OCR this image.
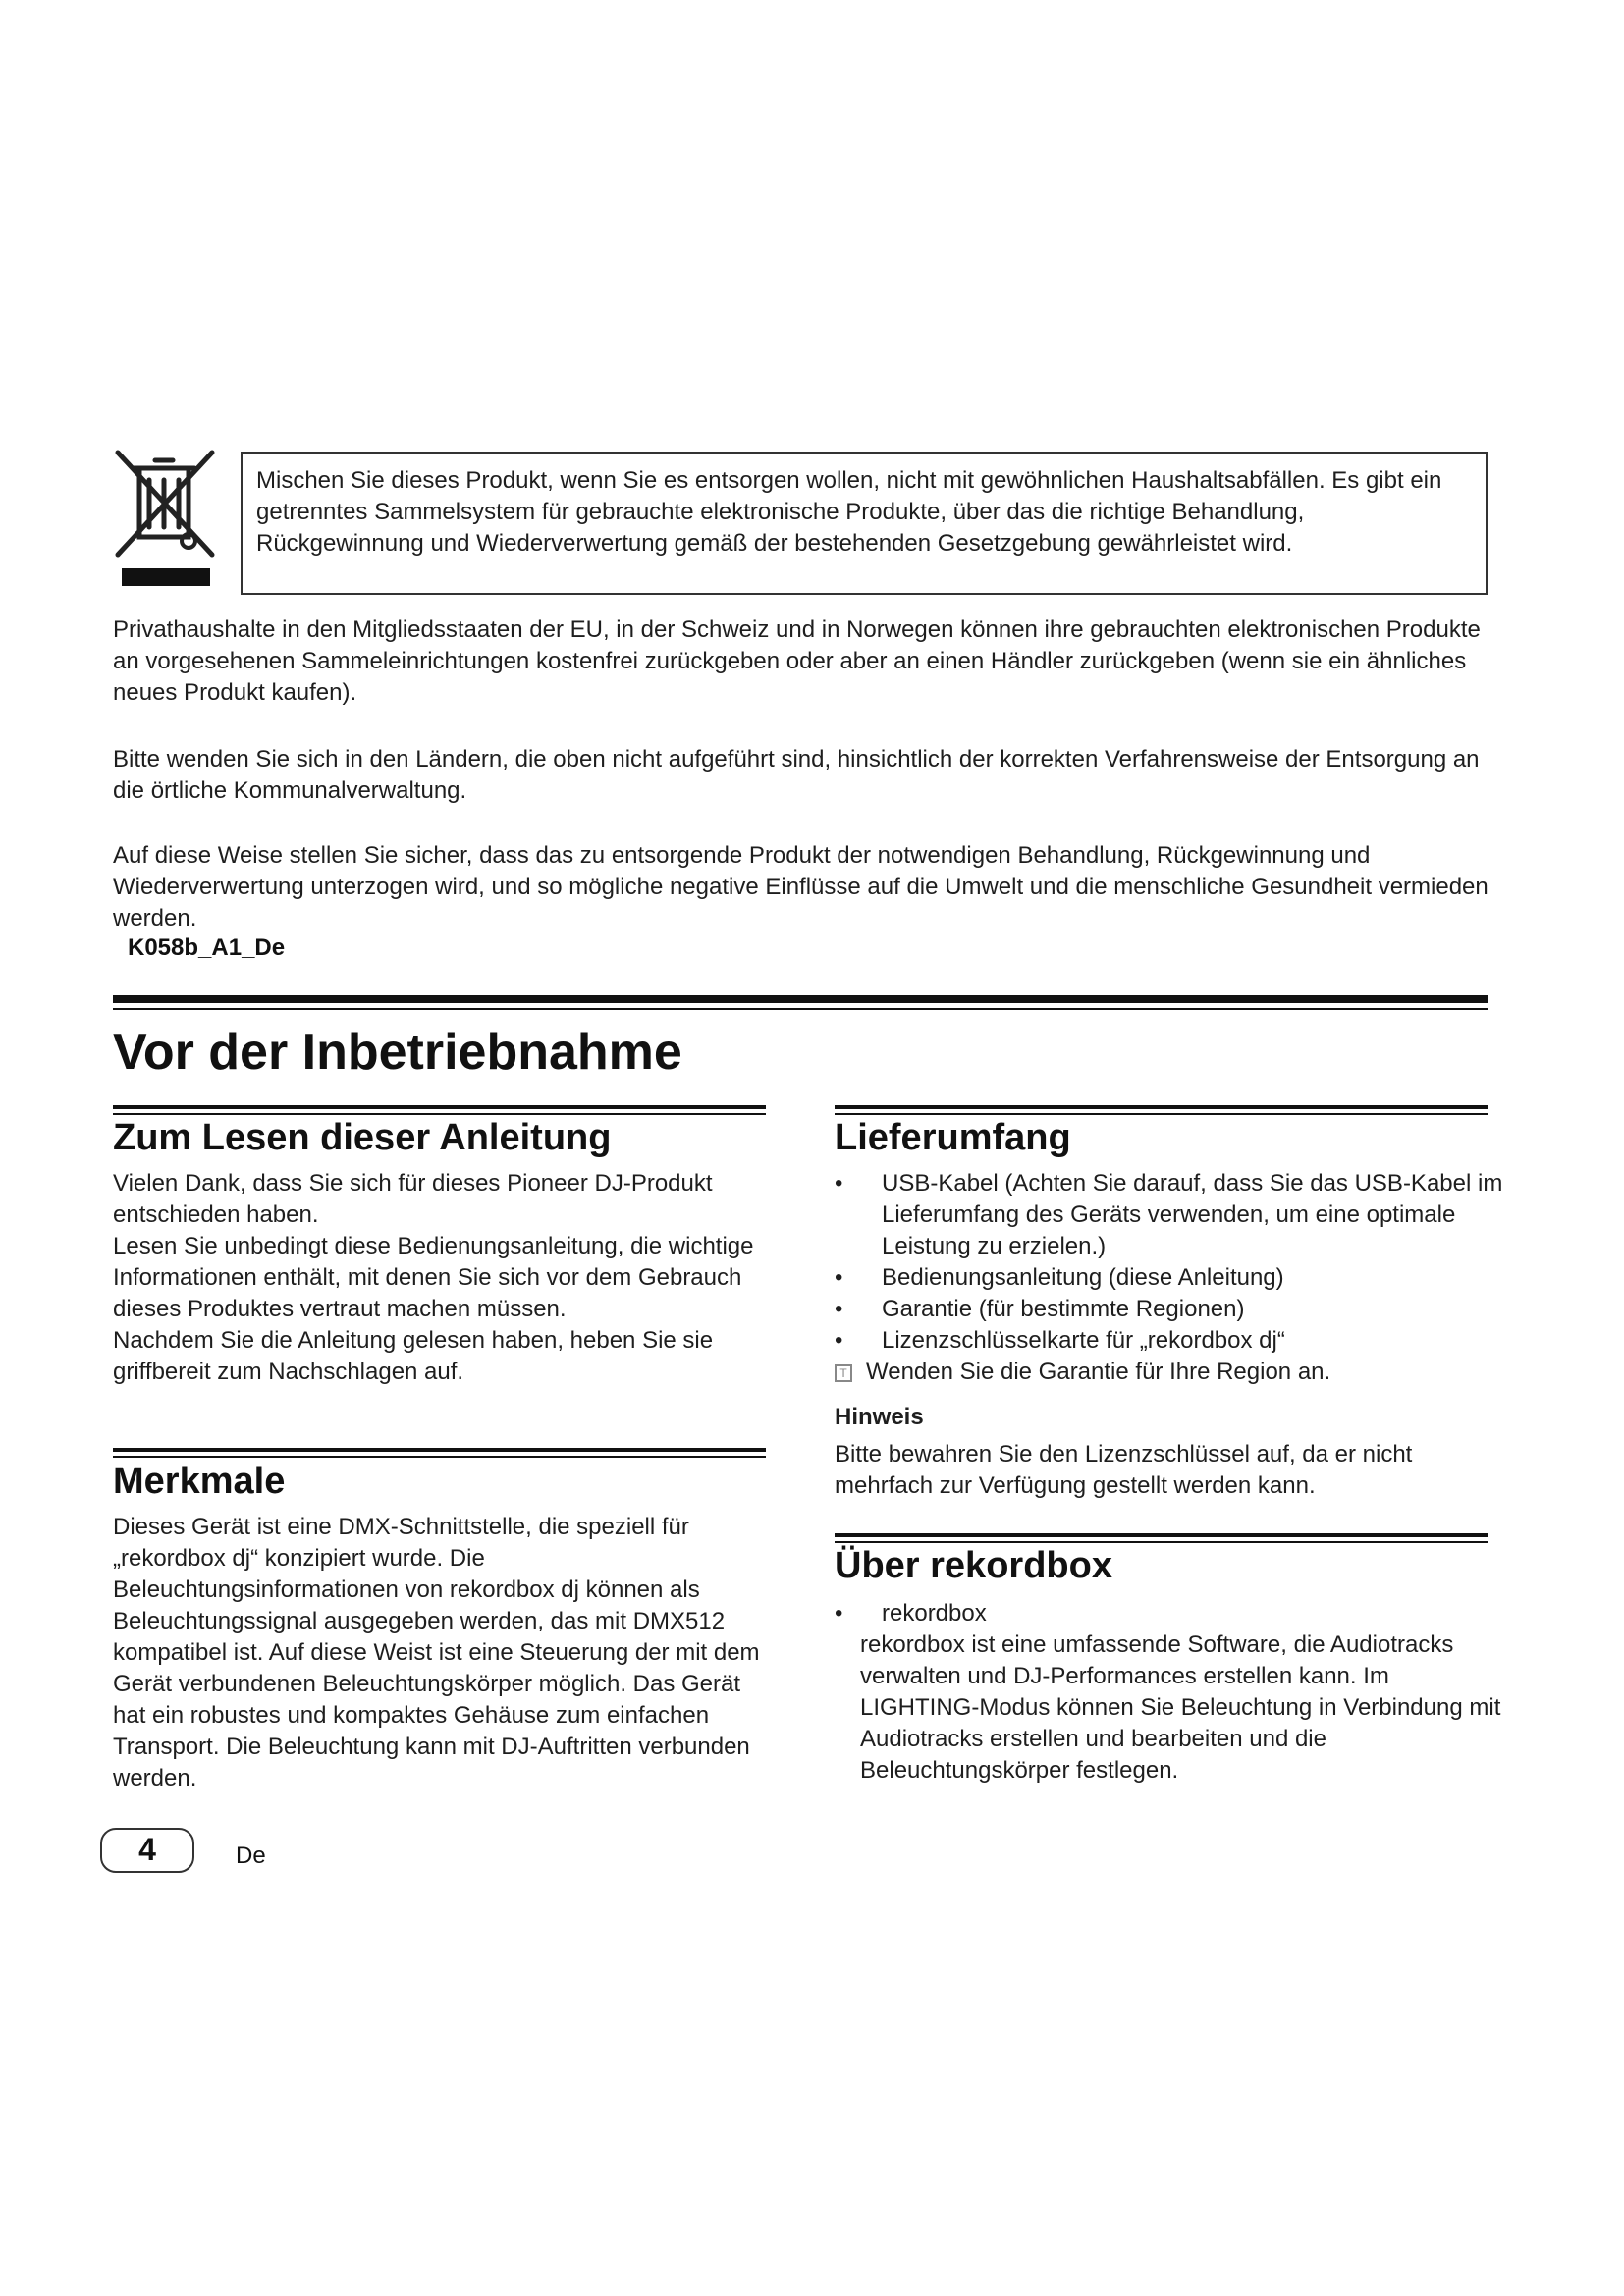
Mischen Sie dieses Produkt, wenn Sie es entsorgen wollen, nicht mit gewöhnlichen Haushaltsabfällen. Es gibt ein getrenntes Sammelsystem für gebrauchte elektronische Produkte, über das die richtige Behandlung, Rückgewinnung und Wiederverwertung gemäß der bestehenden Gesetzgebung gewährleistet wird.

Privathaushalte in den Mitgliedsstaaten der EU, in der Schweiz und in Norwegen können ihre gebrauchten elektronischen Produkte an vorgesehenen Sammeleinrichtungen kostenfrei zurückgeben oder aber an einen Händler zurückgeben (wenn sie ein ähnliches neues Produkt kaufen).

Bitte wenden Sie sich in den Ländern, die oben nicht aufgeführt sind, hinsichtlich der korrekten Verfahrensweise der Entsorgung an die örtliche Kommunalverwaltung.

Auf diese Weise stellen Sie sicher, dass das zu entsorgende Produkt der notwendigen Behandlung, Rückgewinnung und Wiederverwertung unterzogen wird, und so mögliche negative Einflüsse auf die Umwelt und die menschliche Gesundheit vermieden werden.

K058b_A1_De
Vor der Inbetriebnahme
Zum Lesen dieser Anleitung

Vielen Dank, dass Sie sich für dieses Pioneer DJ-Produkt entschieden haben.

Lesen Sie unbedingt diese Bedienungsanleitung, die wichtige Informationen enthält, mit denen Sie sich vor dem Gebrauch dieses Produktes vertraut machen müssen.

Nachdem Sie die Anleitung gelesen haben, heben Sie sie griffbereit zum Nachschlagen auf.

Merkmale

Dieses Gerät ist eine DMX-Schnittstelle, die speziell für „rekordbox dj“ konzipiert wurde. Die Beleuchtungsinformationen von rekordbox dj können als Beleuchtungssignal ausgegeben werden, das mit DMX512 kompatibel ist. Auf diese Weist ist eine Steuerung der mit dem Gerät verbundenen Beleuchtungskörper möglich. Das Gerät hat ein robustes und kompaktes Gehäuse zum einfachen Transport. Die Beleuchtung kann mit DJ-Auftritten verbunden werden.

Lieferumfang
• USB-Kabel (Achten Sie darauf, dass Sie das USB-Kabel im Lieferumfang des Geräts verwenden, um eine optimale Leistung zu erzielen.)
• Bedienungsanleitung (diese Anleitung)
• Garantie (für bestimmte Regionen)
• Lizenzschlüsselkarte für „rekordbox dj“
T Wenden Sie die Garantie für Ihre Region an.
Hinweis

Bitte bewahren Sie den Lizenzschlüssel auf, da er nicht mehrfach zur Verfügung gestellt werden kann.

Über rekordbox
• rekordbox

rekordbox ist eine umfassende Software, die Audiotracks verwalten und DJ-Performances erstellen kann. Im LIGHTING-Modus können Sie Beleuchtung in Verbindung mit Audiotracks erstellen und bearbeiten und die Beleuchtungskörper festlegen.

4	De
